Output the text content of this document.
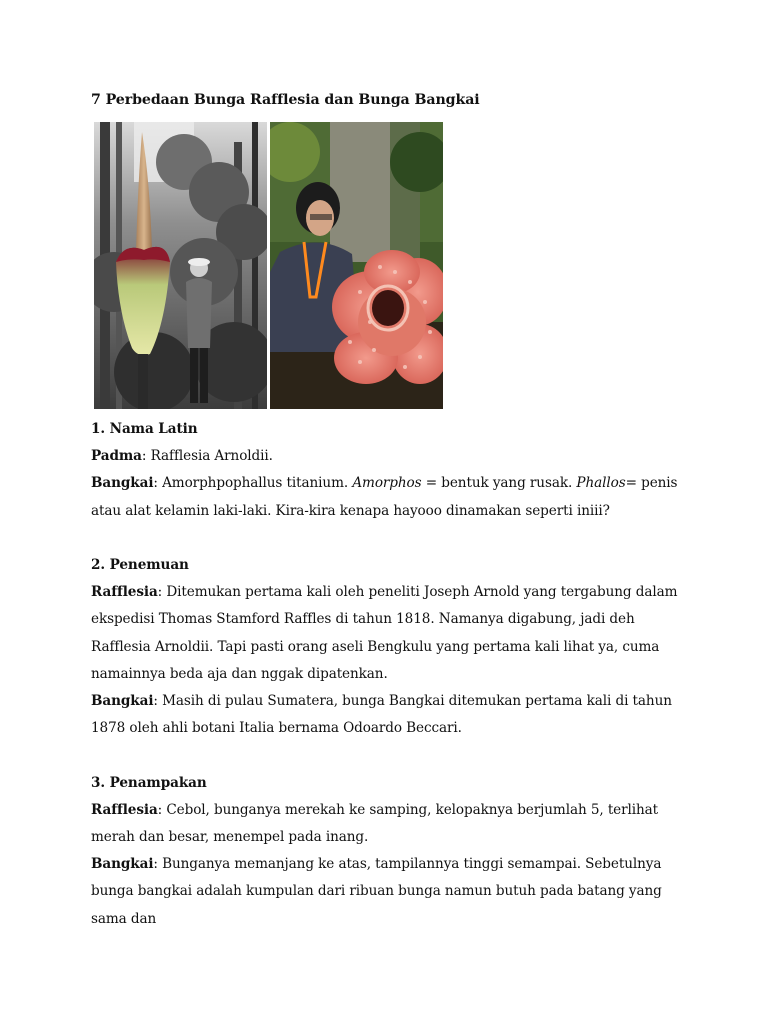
7 Perbedaan Bunga Rafflesia dan Bunga Bangkai

1. Nama Latin

Padma: Rafflesia Arnoldii.

Bangkai: Amorphpophallus titanium. Amorphos = bentuk yang rusak. Phallos= penis atau alat kelamin laki-laki. Kira-kira kenapa hayooo dinamakan seperti iniii?

2. Penemuan

Rafflesia: Ditemukan pertama kali oleh peneliti Joseph Arnold yang tergabung dalam ekspedisi Thomas Stamford Raffles di tahun 1818. Namanya digabung, jadi deh Rafflesia Arnoldii. Tapi pasti orang aseli Bengkulu yang pertama kali lihat ya, cuma namainnya beda aja dan nggak dipatenkan.

Bangkai: Masih di pulau Sumatera, bunga Bangkai ditemukan pertama kali di tahun 1878 oleh ahli botani Italia bernama Odoardo Beccari.

3. Penampakan

Rafflesia: Cebol, bunganya merekah ke samping, kelopaknya berjumlah 5, terlihat merah dan besar, menempel pada inang.

Bangkai: Bunganya memanjang ke atas, tampilannya tinggi semampai. Sebetulnya bunga bangkai adalah kumpulan dari ribuan bunga namun butuh pada batang yang sama dan
